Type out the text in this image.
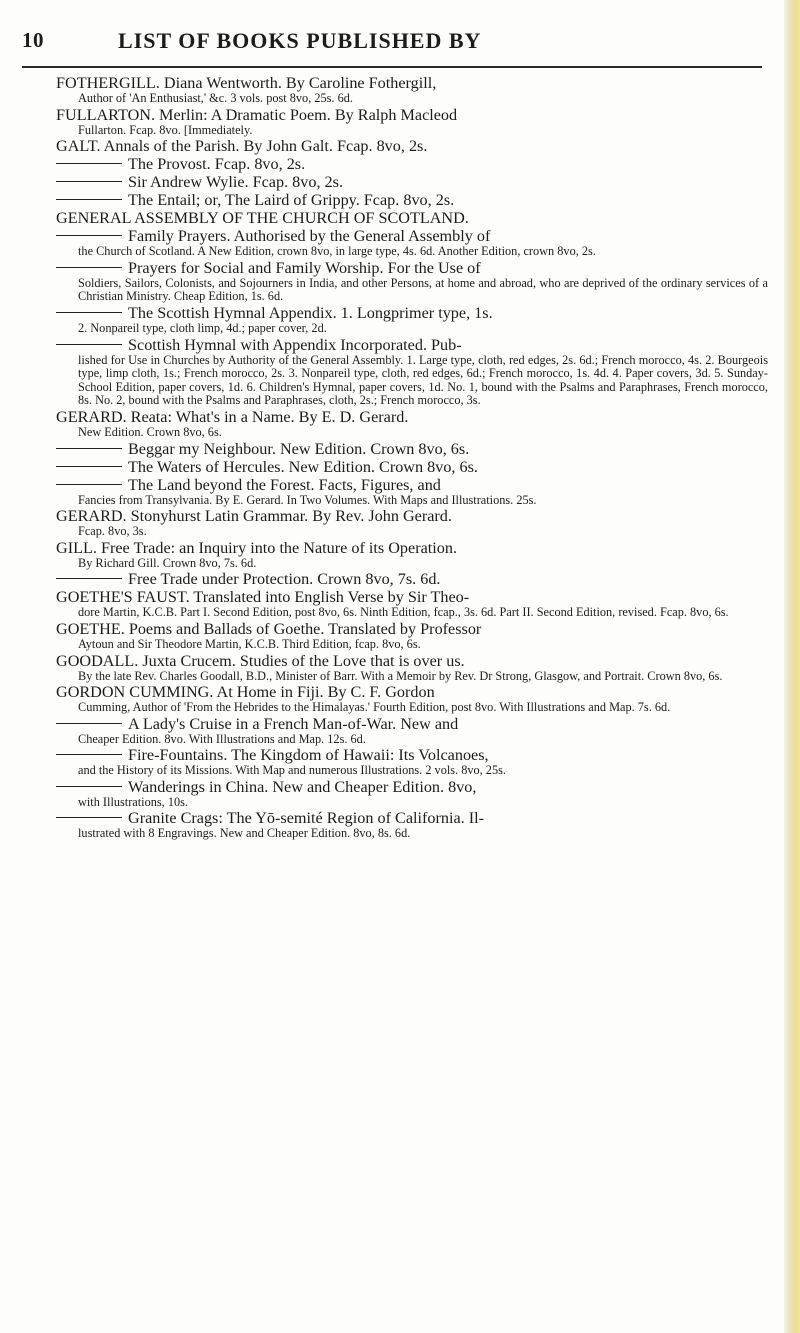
10	LIST OF BOOKS PUBLISHED BY

FOTHERGILL. Diana Wentworth. By Caroline Fothergill,

Author of 'An Enthusiast,' &c. 3 vols. post 8vo, 25s. 6d.

FULLARTON. Merlin: A Dramatic Poem. By Ralph Macleod

Fullarton. Fcap. 8vo. [Immediately.

GALT. Annals of the Parish. By John Galt. Fcap. 8vo, 2s.

The Provost. Fcap. 8vo, 2s.

Sir Andrew Wylie. Fcap. 8vo, 2s.

The Entail; or, The Laird of Grippy. Fcap. 8vo, 2s.

GENERAL ASSEMBLY OF THE CHURCH OF SCOTLAND.

Family Prayers. Authorised by the General Assembly of

the Church of Scotland. A New Edition, crown 8vo, in large type, 4s. 6d. Another Edition, crown 8vo, 2s.

Prayers for Social and Family Worship. For the Use of

Soldiers, Sailors, Colonists, and Sojourners in India, and other Persons, at home and abroad, who are deprived of the ordinary services of a Christian Ministry. Cheap Edition, 1s. 6d.

The Scottish Hymnal Appendix. 1. Longprimer type, 1s.

2. Nonpareil type, cloth limp, 4d.; paper cover, 2d.

Scottish Hymnal with Appendix Incorporated. Pub-

lished for Use in Churches by Authority of the General Assembly. 1. Large type, cloth, red edges, 2s. 6d.; French morocco, 4s. 2. Bourgeois type, limp cloth, 1s.; French morocco, 2s. 3. Nonpareil type, cloth, red edges, 6d.; French morocco, 1s. 4d. 4. Paper covers, 3d. 5. Sunday-School Edition, paper covers, 1d. 6. Children's Hymnal, paper covers, 1d. No. 1, bound with the Psalms and Paraphrases, French morocco, 8s. No. 2, bound with the Psalms and Paraphrases, cloth, 2s.; French morocco, 3s.

GERARD. Reata: What's in a Name. By E. D. Gerard.

New Edition. Crown 8vo, 6s.

Beggar my Neighbour. New Edition. Crown 8vo, 6s.

The Waters of Hercules. New Edition. Crown 8vo, 6s.

The Land beyond the Forest. Facts, Figures, and

Fancies from Transylvania. By E. Gerard. In Two Volumes. With Maps and Illustrations. 25s.

GERARD. Stonyhurst Latin Grammar. By Rev. John Gerard.

Fcap. 8vo, 3s.

GILL. Free Trade: an Inquiry into the Nature of its Operation.

By Richard Gill. Crown 8vo, 7s. 6d.

Free Trade under Protection. Crown 8vo, 7s. 6d.

GOETHE'S FAUST. Translated into English Verse by Sir Theo-

dore Martin, K.C.B. Part I. Second Edition, post 8vo, 6s. Ninth Edition, fcap., 3s. 6d. Part II. Second Edition, revised. Fcap. 8vo, 6s.

GOETHE. Poems and Ballads of Goethe. Translated by Professor

Aytoun and Sir Theodore Martin, K.C.B. Third Edition, fcap. 8vo, 6s.

GOODALL. Juxta Crucem. Studies of the Love that is over us.

By the late Rev. Charles Goodall, B.D., Minister of Barr. With a Memoir by Rev. Dr Strong, Glasgow, and Portrait. Crown 8vo, 6s.

GORDON CUMMING. At Home in Fiji. By C. F. Gordon

Cumming, Author of 'From the Hebrides to the Himalayas.' Fourth Edition, post 8vo. With Illustrations and Map. 7s. 6d.

A Lady's Cruise in a French Man-of-War. New and

Cheaper Edition. 8vo. With Illustrations and Map. 12s. 6d.

Fire-Fountains. The Kingdom of Hawaii: Its Volcanoes,

and the History of its Missions. With Map and numerous Illustrations. 2 vols. 8vo, 25s.

Wanderings in China. New and Cheaper Edition. 8vo,

with Illustrations, 10s.

Granite Crags: The Yō-semité Region of California. Il-

lustrated with 8 Engravings. New and Cheaper Edition. 8vo, 8s. 6d.
